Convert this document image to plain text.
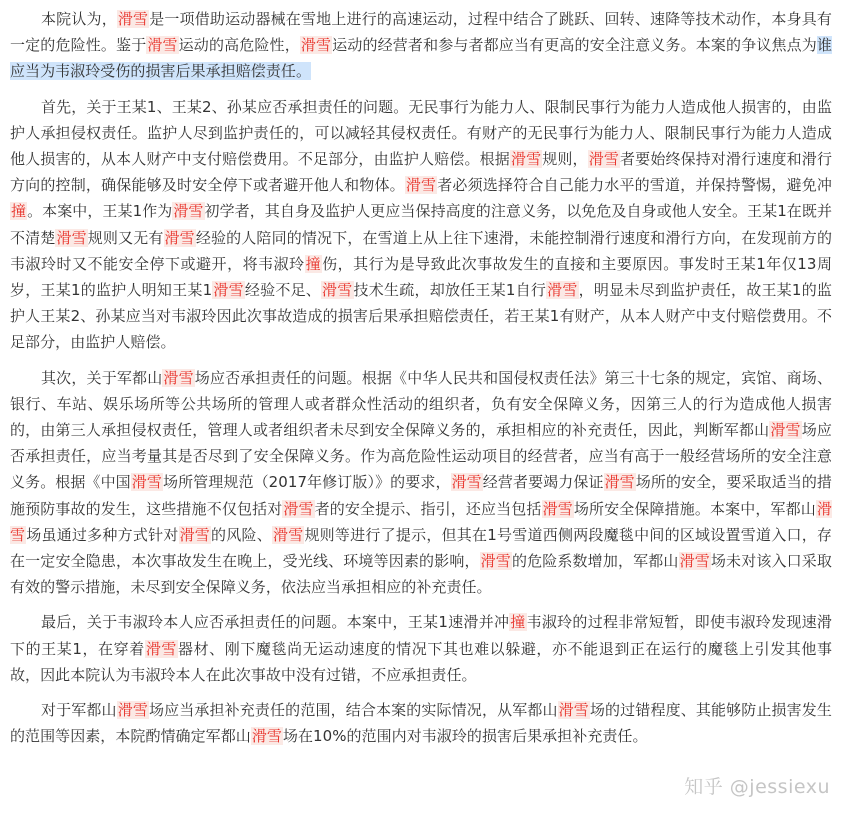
本院认为，滑雪是一项借助运动器械在雪地上进行的高速运动，过程中结合了跳跃、回转、速降等技术动作，本身具有一定的危险性。鉴于滑雪运动的高危险性，滑雪运动的经营者和参与者都应当有更高的安全注意义务。本案的争议焦点为谁应当为韦淑玲受伤的损害后果承担赔偿责任。

首先，关于王某1、王某2、孙某应否承担责任的问题。无民事行为能力人、限制民事行为能力人造成他人损害的，由监护人承担侵权责任。监护人尽到监护责任的，可以减轻其侵权责任。有财产的无民事行为能力人、限制民事行为能力人造成他人损害的，从本人财产中支付赔偿费用。不足部分，由监护人赔偿。根据滑雪规则，滑雪者要始终保持对滑行速度和滑行方向的控制，确保能够及时安全停下或者避开他人和物体。滑雪者必须选择符合自己能力水平的雪道，并保持警惕，避免冲撞。本案中，王某1作为滑雪初学者，其自身及监护人更应当保持高度的注意义务，以免危及自身或他人安全。王某1在既并不清楚滑雪规则又无有滑雪经验的人陪同的情况下，在雪道上从上往下速滑，未能控制滑行速度和滑行方向，在发现前方的韦淑玲时又不能安全停下或避开，将韦淑玲撞伤，其行为是导致此次事故发生的直接和主要原因。事发时王某1年仅13周岁，王某1的监护人明知王某1滑雪经验不足、滑雪技术生疏，却放任王某1自行滑雪，明显未尽到监护责任，故王某1的监护人王某2、孙某应当对韦淑玲因此次事故造成的损害后果承担赔偿责任，若王某1有财产，从本人财产中支付赔偿费用。不足部分，由监护人赔偿。

其次，关于军都山滑雪场应否承担责任的问题。根据《中华人民共和国侵权责任法》第三十七条的规定，宾馆、商场、银行、车站、娱乐场所等公共场所的管理人或者群众性活动的组织者，负有安全保障义务，因第三人的行为造成他人损害的，由第三人承担侵权责任，管理人或者组织者未尽到安全保障义务的，承担相应的补充责任，因此，判断军都山滑雪场应否承担责任，应当考量其是否尽到了安全保障义务。作为高危险性运动项目的经营者，应当有高于一般经营场所的安全注意义务。根据《中国滑雪场所管理规范（2017年修订版）》的要求，滑雪经营者要竭力保证滑雪场所的安全，要采取适当的措施预防事故的发生，这些措施不仅包括对滑雪者的安全提示、指引，还应当包括滑雪场所安全保障措施。本案中，军都山滑雪场虽通过多种方式针对滑雪的风险、滑雪规则等进行了提示，但其在1号雪道西侧两段魔毯中间的区域设置雪道入口，存在一定安全隐患，本次事故发生在晚上，受光线、环境等因素的影响，滑雪的危险系数增加，军都山滑雪场未对该入口采取有效的警示措施，未尽到安全保障义务，依法应当承担相应的补充责任。

最后，关于韦淑玲本人应否承担责任的问题。本案中，王某1速滑并冲撞韦淑玲的过程非常短暂，即使韦淑玲发现速滑下的王某1，在穿着滑雪器材、刚下魔毯尚无运动速度的情况下其也难以躲避，亦不能退到正在运行的魔毯上引发其他事故，因此本院认为韦淑玲本人在此次事故中没有过错，不应承担责任。

对于军都山滑雪场应当承担补充责任的范围，结合本案的实际情况，从军都山滑雪场的过错程度、其能够防止损害发生的范围等因素，本院酌情确定军都山滑雪场在10%的范围内对韦淑玲的损害后果承担补充责任。

知乎 @jessiexu
